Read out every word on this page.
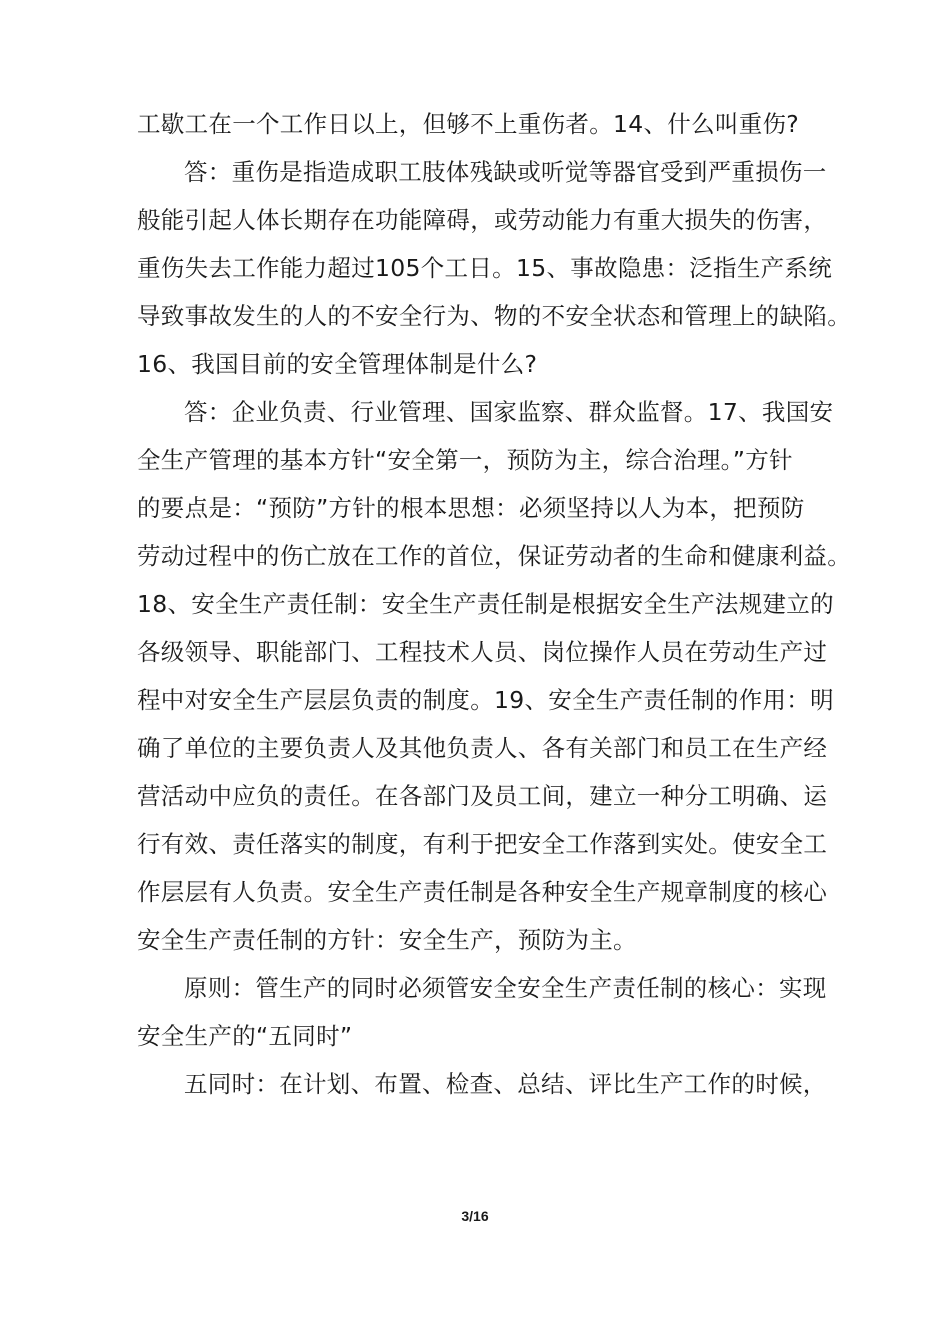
工歇工在一个工作日以上，但够不上重伤者。14、什么叫重伤?
答：重伤是指造成职工肢体残缺或听觉等器官受到严重损伤一
般能引起人体长期存在功能障碍，或劳动能力有重大损失的伤害，
重伤失去工作能力超过105个工日。15、事故隐患：泛指生产系统
导致事故发生的人的不安全行为、物的不安全状态和管理上的缺陷。
16、我国目前的安全管理体制是什么?
答：企业负责、行业管理、国家监察、群众监督。17、我国安
全生产管理的基本方针“安全第一，预防为主，综合治理。”方针
的要点是：“预防”方针的根本思想：必须坚持以人为本，把预防
劳动过程中的伤亡放在工作的首位，保证劳动者的生命和健康利益。
18、安全生产责任制：安全生产责任制是根据安全生产法规建立的
各级领导、职能部门、工程技术人员、岗位操作人员在劳动生产过
程中对安全生产层层负责的制度。19、安全生产责任制的作用：明
确了单位的主要负责人及其他负责人、各有关部门和员工在生产经
营活动中应负的责任。在各部门及员工间，建立一种分工明确、运
行有效、责任落实的制度，有利于把安全工作落到实处。使安全工
作层层有人负责。安全生产责任制是各种安全生产规章制度的核心
安全生产责任制的方针：安全生产，预防为主。
原则：管生产的同时必须管安全安全生产责任制的核心：实现
安全生产的“五同时”
五同时：在计划、布置、检查、总结、评比生产工作的时候，
3/16
